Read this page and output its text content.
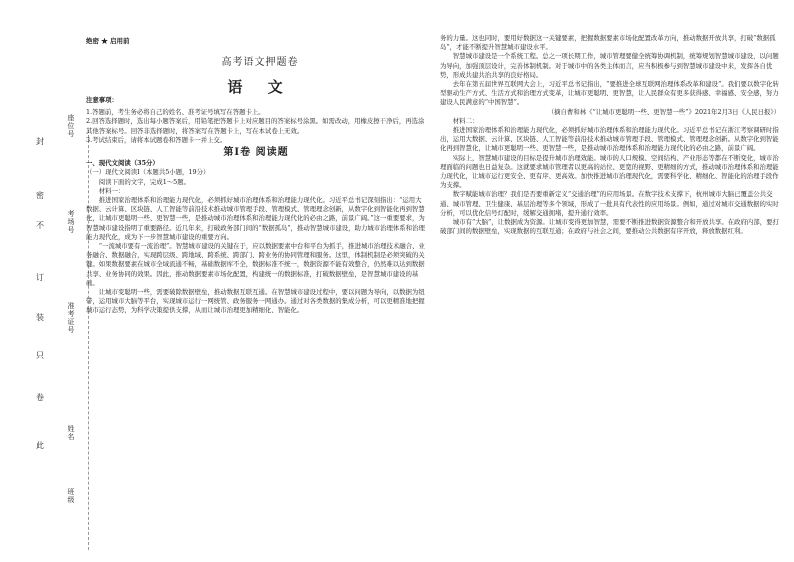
封
密
不
订
装
只
卷
此
座位号
考场号
准考证号
姓名
班级
绝密 ★ 启用前
高考语文押题卷
语 文

注意事项：

1.答题前，考生务必将自己的姓名、准考证号填写在答题卡上。

2.回答选择题时，选出每小题答案后，用铅笔把答题卡上对应题目的答案标号涂黑。如需改动，用橡皮擦干净后，再选涂其他答案标号。回答非选择题时，将答案写在答题卡上，写在本试卷上无效。

3.考试结束后，请将本试题卷和答题卡一并上交。

第Ⅰ卷 阅读题

一、现代文阅读（35分）

（一）现代文阅读Ⅰ（本题共5小题，19分）

阅读下面的文字，完成1～5题。

材料一：

推进国家治理体系和治理能力现代化，必须抓好城市治理体系和治理能力现代化。习近平总书记深刻指出：“运用大数据、云计算、区块链、人工智能等前沿技术推动城市管理手段、管理模式、管理理念创新，从数字化到智能化再到智慧化，让城市更聪明一些、更智慧一些，是推动城市治理体系和治理能力现代化的必由之路，前景广阔。”这一重要要求，为智慧城市建设指明了重要路径。近几年来，打破政务部门间的“数据孤岛”，推动智慧城市建设，助力城市治理体系和治理能力现代化，成为下一步智慧城市建设的重要方向。

“一流城市要有一流治理”。智慧城市建设的关键在于，应以数据要素中台和平台为抓手，推进城市治理技术融合、业务融合、数据融合，实现跨层级、跨地域、跨系统、跨部门、跨业务的协同管理和服务。这里，体制机制是必须突破的关键。如果数据要素在城市全域流通不畅，基础数据库不全，数据标准不统一，数据资源不能有效整合，仍然难以达到数据共享、业务协同的效果。因此，推动数据要素市场化配置，构建统一的数据标准，打破数据壁垒，是智慧城市建设的基础。

让城市变聪明一些，需要破除数据壁垒，推动数据互联互通。在智慧城市建设过程中，要以问题为导向，以数据为纽带，运用城市大脑等平台，实现城市运行一网统管、政务服务一网通办。通过对各类数据的集成分析，可以更精准地把握城市运行态势，为科学决策提供支撑，从而让城市治理更加精细化、智能化。

务的力量。这也同时，要用好数据这一关键要素，把握数据要素市场化配置改革方向，推动数据开放共享，打破“数据孤岛”，才能不断提升智慧城市建设水平。

智慧城市建设是一个系统工程。总之一项长期工作，城市管理要健全统筹协调机制，统筹规划智慧城市建设，以问题为导向，加强顶层设计，完善体制机制。对于城市中的各类主体而言，应当积极参与到智慧城市建设中来，发挥各自优势，形成共建共治共享的良好格局。

去年在第五届世界互联网大会上，习近平总书记指出，“要推进全球互联网治理体系改革和建设”。我们要以数字化转型驱动生产方式、生活方式和治理方式变革，让城市更聪明、更智慧，让人民群众有更多获得感、幸福感、安全感，努力建设人民满意的“中国智慧”。

（摘自曹和林《“让城市更聪明一些、更智慧一些”》2021年2月3日《人民日报》）

材料二：

推进国家治理体系和治理能力现代化，必须抓好城市治理体系和治理能力现代化。习近平总书记在浙江考察调研时指出，运用大数据、云计算、区块链、人工智能等前沿技术推动城市管理手段、管理模式、管理理念创新。从数字化到智能化再到智慧化，让城市更聪明一些、更智慧一些，是推动城市治理体系和治理能力现代化的必由之路，前景广阔。

实际上，智慧城市建设的目标是提升城市治理效能。城市的人口规模、空间结构、产业形态等都在不断变化，城市治理面临的问题也日益复杂。这就要求城市管理者以更高的站位、更宽的视野、更精细的方式，推动城市治理体系和治理能力现代化，让城市运行更安全、更有序、更高效。加快推进城市治理现代化，需要科学化、精细化、智能化的治理手段作为支撑。

数字赋能城市治理？我们是否要重新定义“交通治理”的应用场景。在数字技术支撑下，杭州城市大脑已覆盖公共交通、城市管理、卫生健康、基层治理等多个领域，形成了一批具有代表性的应用场景。例如，通过对城市交通数据的实时分析，可以优化信号灯配时，缓解交通拥堵，提升通行效率。

城市有“大脑”，让数据成为资源。让城市变得更加智慧，需要不断推进数据资源整合和开放共享。在政府内部，要打破部门间的数据壁垒，实现数据的互联互通；在政府与社会之间，要推动公共数据有序开放，释放数据红利。
